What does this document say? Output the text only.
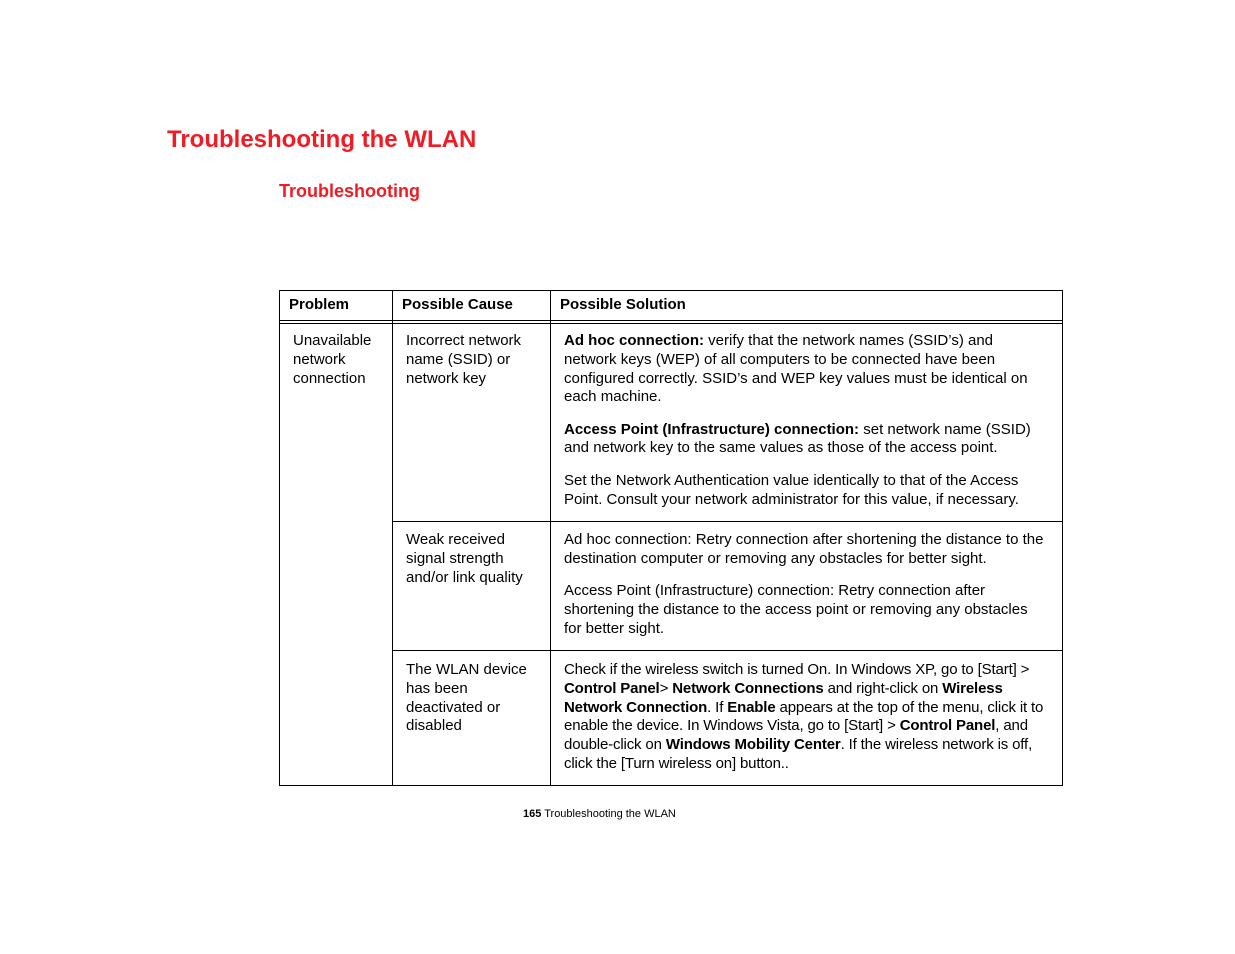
Troubleshooting the WLAN
Troubleshooting
Problem	Possible Cause	Possible Solution
Unavailable
network
connection
Incorrect network
name (SSID) or
network key

Ad hoc connection: verify that the network names (SSID’s) and network keys (WEP) of all computers to be connected have been configured correctly. SSID’s and WEP key values must be identical on each machine.

Access Point (Infrastructure) connection: set network name (SSID) and network key to the same values as those of the access point.

Set the Network Authentication value identically to that of the Access Point. Consult your network administrator for this value, if necessary.

Weak received
signal strength
and/or link quality

Ad hoc connection: Retry connection after shortening the distance to the destination computer or removing any obstacles for better sight.

Access Point (Infrastructure) connection: Retry connection after shortening the distance to the access point or removing any obstacles for better sight.

The WLAN device
has been
deactivated or
disabled

Check if the wireless switch is turned On. In Windows XP, go to [Start] > Control Panel> Network Connections and right-click on Wireless Network Connection. If Enable appears at the top of the menu, click it to enable the device. In Windows Vista, go to [Start] > Control Panel, and double-click on Windows Mobility Center. If the wireless network is off, click the [Turn wireless on] button..

165 Troubleshooting the WLAN
